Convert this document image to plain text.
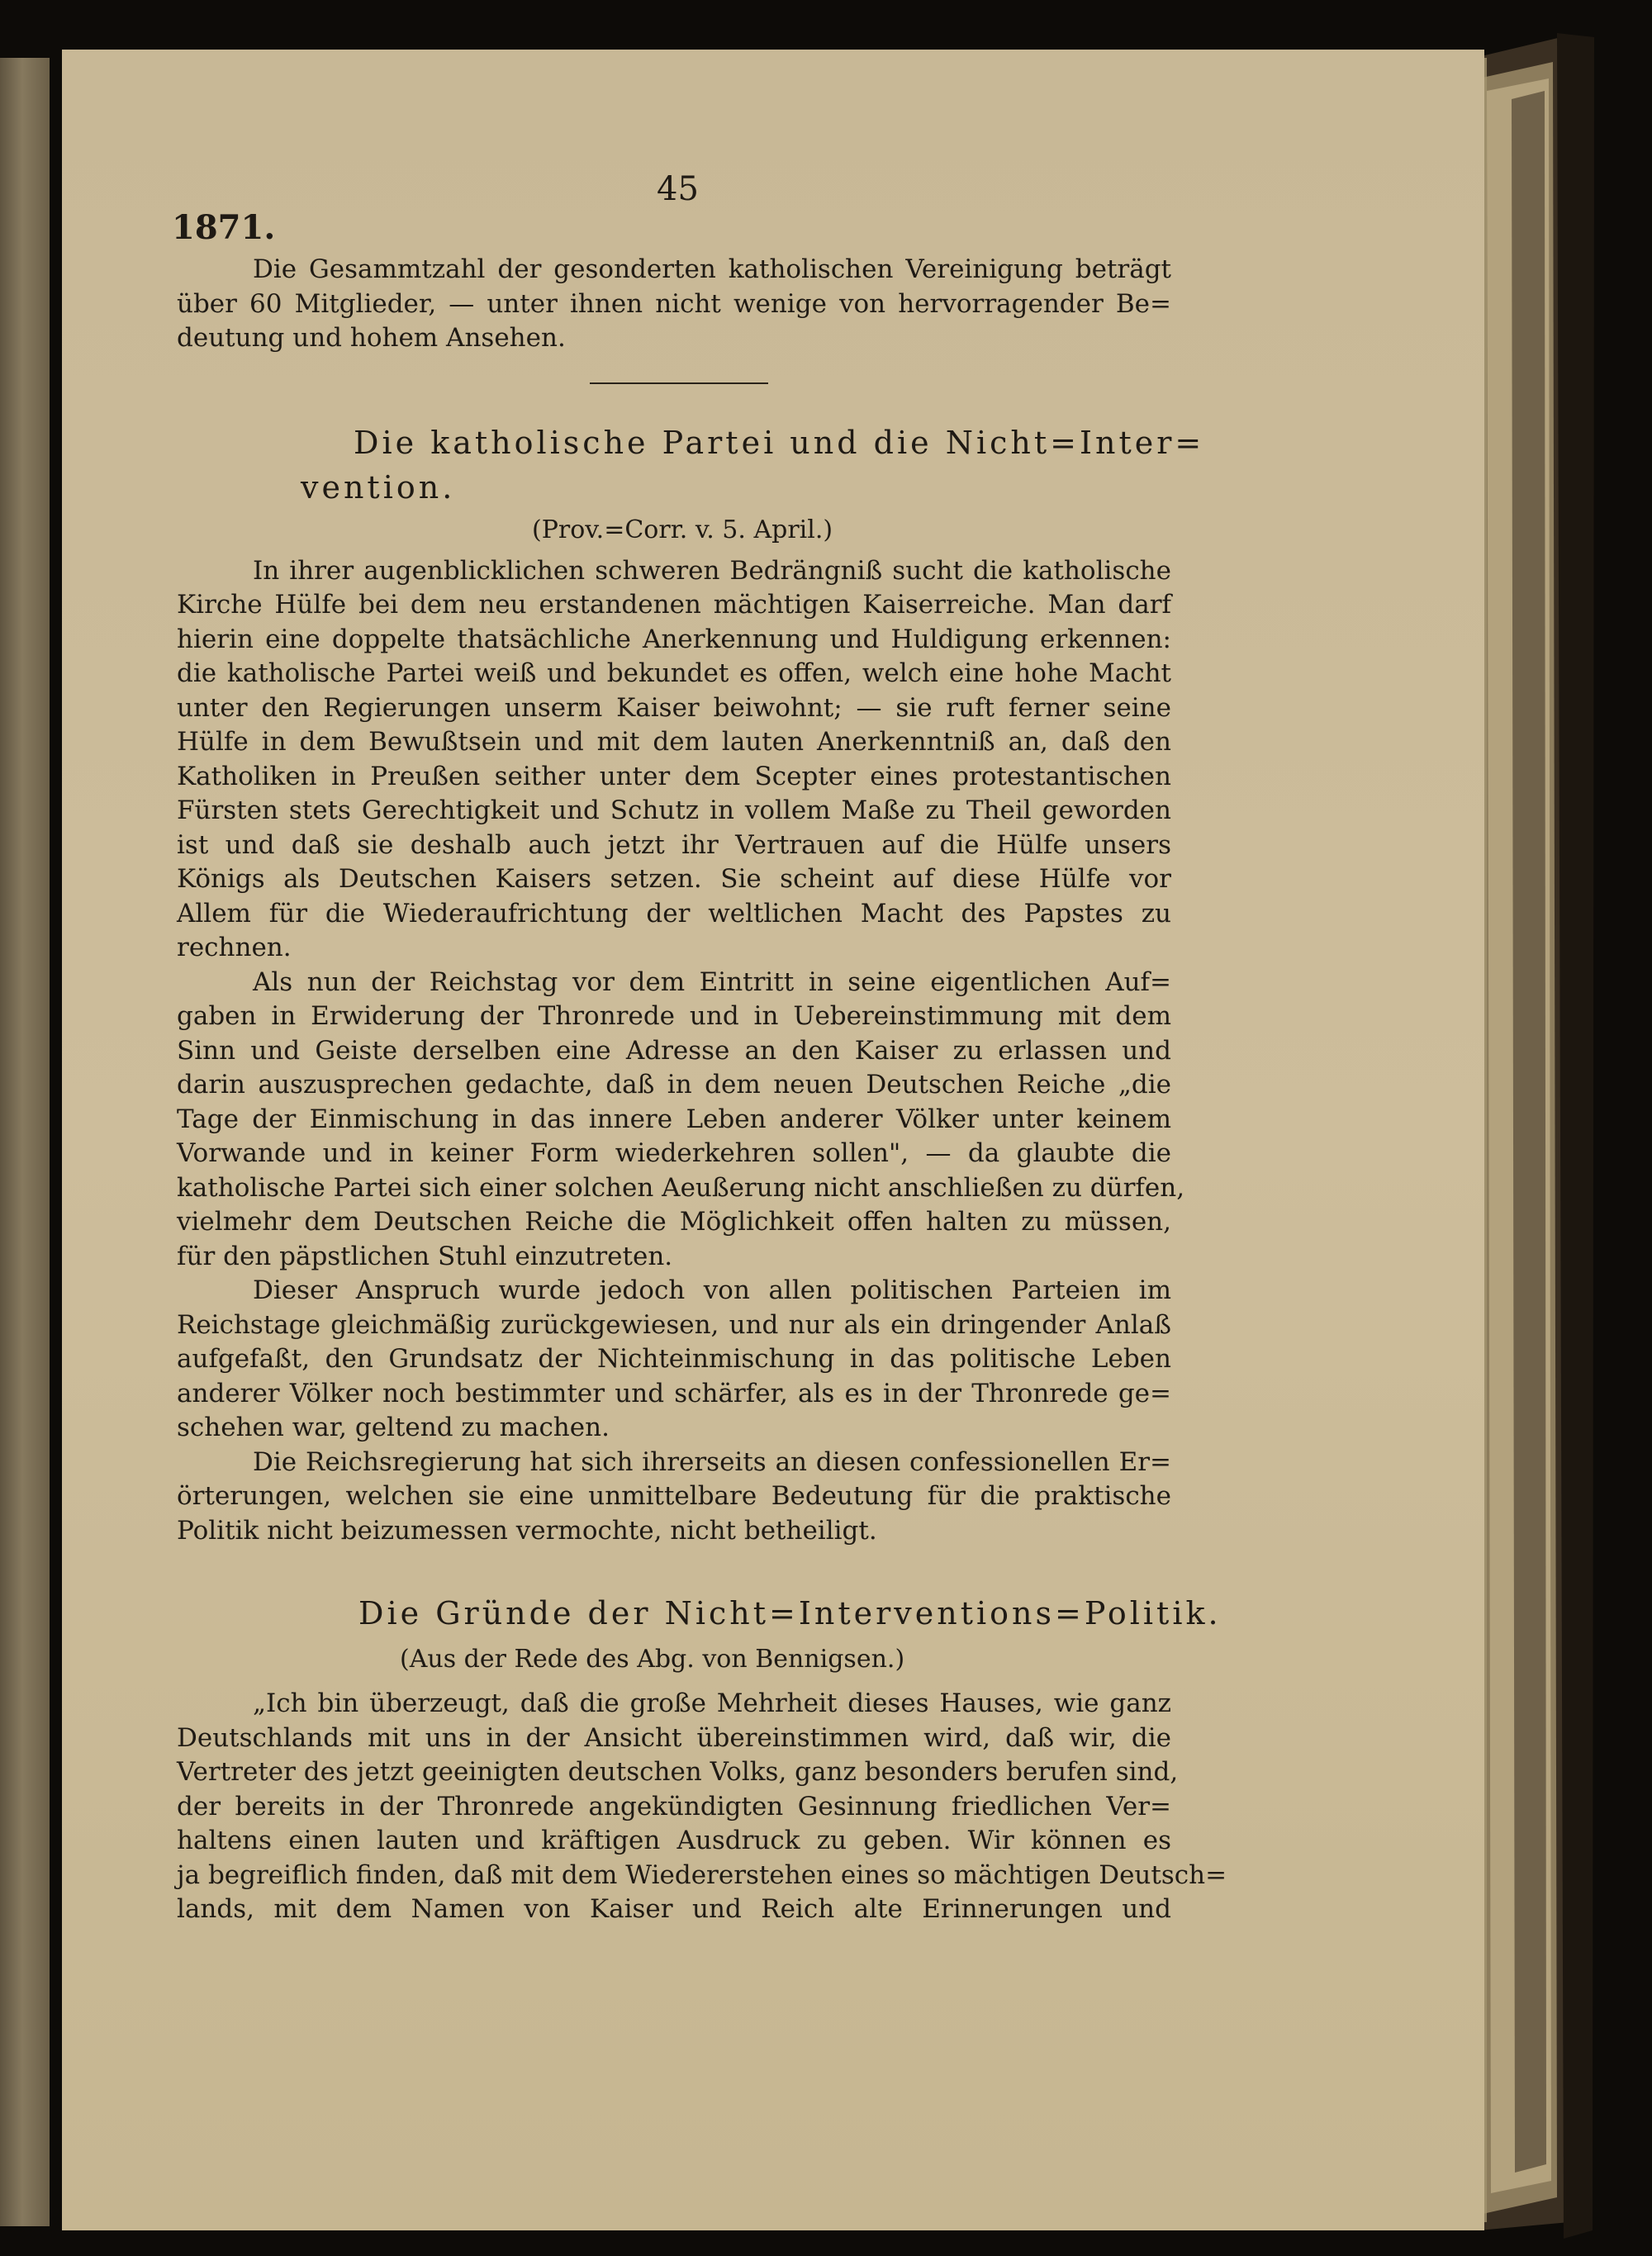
45
1871.

Die Gesammtzahl der gesonderten katholischen Vereinigung beträgt

über 60 Mitglieder, — unter ihnen nicht wenige von hervorragender Be=

deutung und hohem Ansehen.

Die katholische Partei und die Nicht=Inter=

vention.

(Prov.=Corr. v. 5. April.)

In ihrer augenblicklichen schweren Bedrängniß sucht die katholische

Kirche Hülfe bei dem neu erstandenen mächtigen Kaiserreiche. Man darf

hierin eine doppelte thatsächliche Anerkennung und Huldigung erkennen:

die katholische Partei weiß und bekundet es offen, welch eine hohe Macht

unter den Regierungen unserm Kaiser beiwohnt; — sie ruft ferner seine

Hülfe in dem Bewußtsein und mit dem lauten Anerkenntniß an, daß den

Katholiken in Preußen seither unter dem Scepter eines protestantischen

Fürsten stets Gerechtigkeit und Schutz in vollem Maße zu Theil geworden

ist und daß sie deshalb auch jetzt ihr Vertrauen auf die Hülfe unsers

Königs als Deutschen Kaisers setzen. Sie scheint auf diese Hülfe vor

Allem für die Wiederaufrichtung der weltlichen Macht des Papstes zu

rechnen.

Als nun der Reichstag vor dem Eintritt in seine eigentlichen Auf=

gaben in Erwiderung der Thronrede und in Uebereinstimmung mit dem

Sinn und Geiste derselben eine Adresse an den Kaiser zu erlassen und

darin auszusprechen gedachte, daß in dem neuen Deutschen Reiche „die

Tage der Einmischung in das innere Leben anderer Völker unter keinem

Vorwande und in keiner Form wiederkehren sollen", — da glaubte die

katholische Partei sich einer solchen Aeußerung nicht anschließen zu dürfen,

vielmehr dem Deutschen Reiche die Möglichkeit offen halten zu müssen,

für den päpstlichen Stuhl einzutreten.

Dieser Anspruch wurde jedoch von allen politischen Parteien im

Reichstage gleichmäßig zurückgewiesen, und nur als ein dringender Anlaß

aufgefaßt, den Grundsatz der Nichteinmischung in das politische Leben

anderer Völker noch bestimmter und schärfer, als es in der Thronrede ge=

schehen war, geltend zu machen.

Die Reichsregierung hat sich ihrerseits an diesen confessionellen Er=

örterungen, welchen sie eine unmittelbare Bedeutung für die praktische

Politik nicht beizumessen vermochte, nicht betheiligt.

Die Gründe der Nicht=Interventions=Politik.

(Aus der Rede des Abg. von Bennigsen.)

„Ich bin überzeugt, daß die große Mehrheit dieses Hauses, wie ganz

Deutschlands mit uns in der Ansicht übereinstimmen wird, daß wir, die

Vertreter des jetzt geeinigten deutschen Volks, ganz besonders berufen sind,

der bereits in der Thronrede angekündigten Gesinnung friedlichen Ver=

haltens einen lauten und kräftigen Ausdruck zu geben. Wir können es

ja begreiflich finden, daß mit dem Wiedererstehen eines so mächtigen Deutsch=

lands, mit dem Namen von Kaiser und Reich alte Erinnerungen und
